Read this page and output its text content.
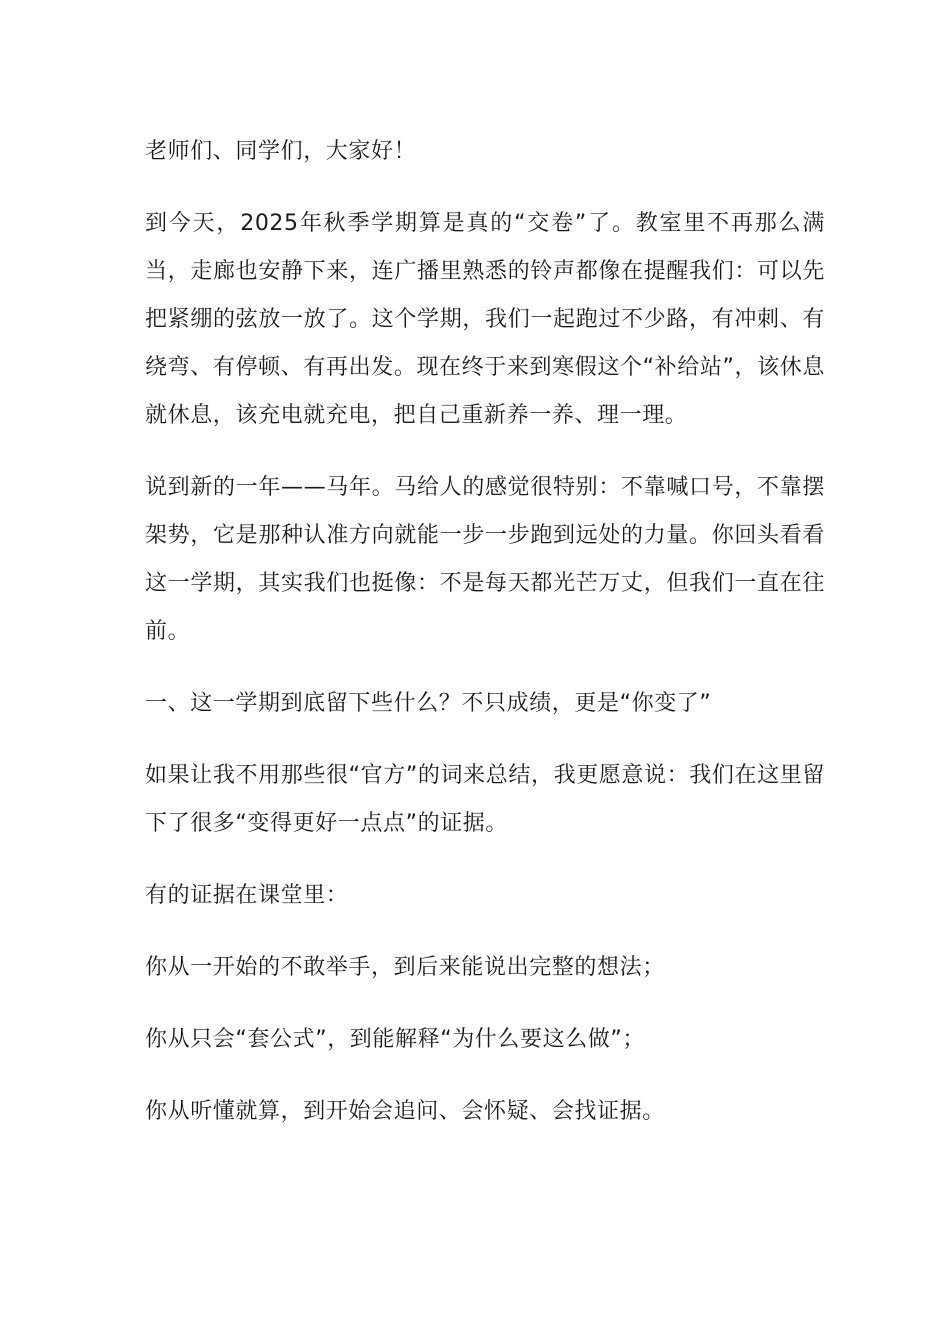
老师们、同学们，大家好！

到今天，2025年秋季学期算是真的“交卷”了。教室里不再那么满当，走廊也安静下来，连广播里熟悉的铃声都像在提醒我们：可以先把紧绷的弦放一放了。这个学期，我们一起跑过不少路，有冲刺、有绕弯、有停顿、有再出发。现在终于来到寒假这个“补给站”，该休息就休息，该充电就充电，把自己重新养一养、理一理。

说到新的一年——马年。马给人的感觉很特别：不靠喊口号，不靠摆架势，它是那种认准方向就能一步一步跑到远处的力量。你回头看看这一学期，其实我们也挺像：不是每天都光芒万丈，但我们一直在往前。

一、这一学期到底留下些什么？不只成绩，更是“你变了”

如果让我不用那些很“官方”的词来总结，我更愿意说：我们在这里留下了很多“变得更好一点点”的证据。

有的证据在课堂里：

你从一开始的不敢举手，到后来能说出完整的想法；

你从只会“套公式”，到能解释“为什么要这么做”；

你从听懂就算，到开始会追问、会怀疑、会找证据。
